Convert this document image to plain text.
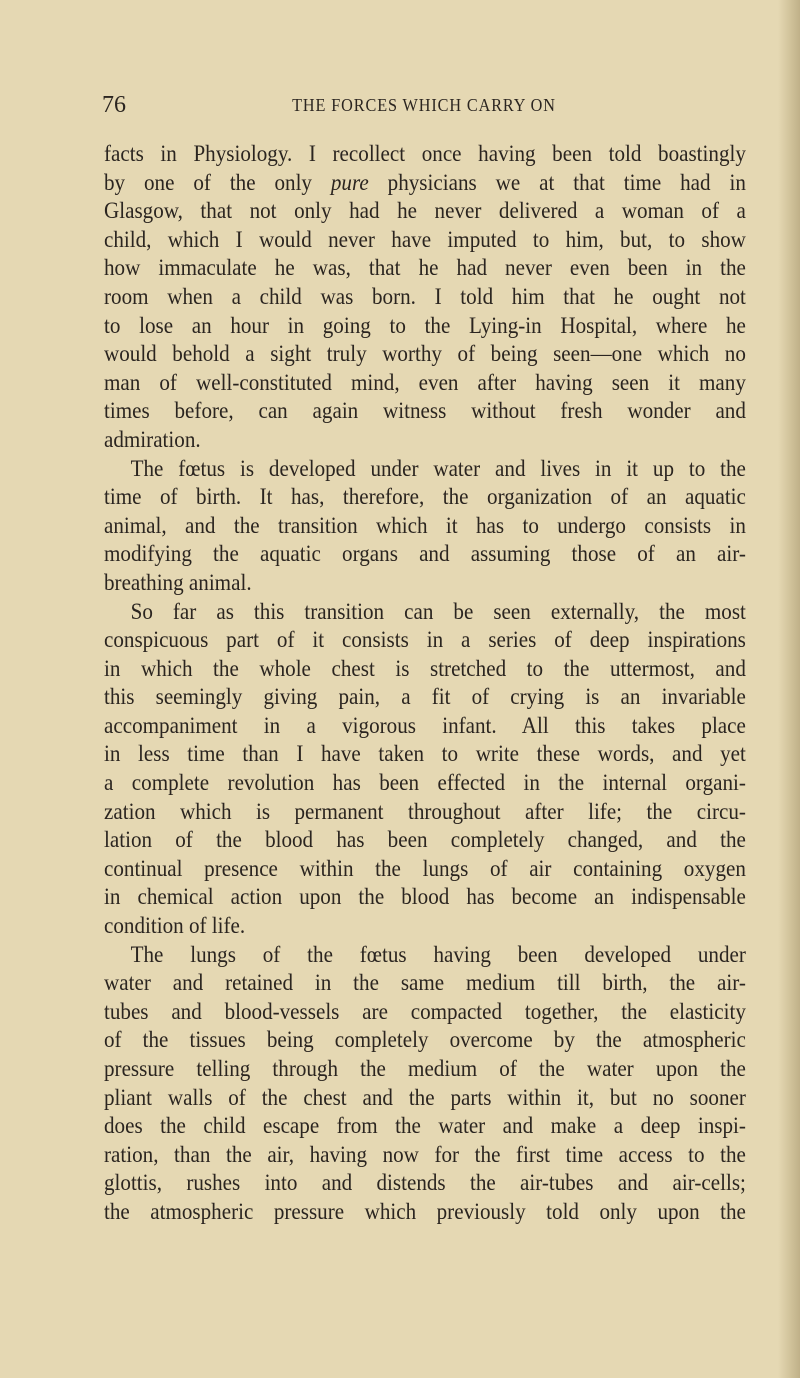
76	THE FORCES WHICH CARRY ON
facts in Physiology. I recollect once having been told boastingly
by one of the only pure physicians we at that time had in
Glasgow, that not only had he never delivered a woman of a
child, which I would never have imputed to him, but, to show
how immaculate he was, that he had never even been in the
room when a child was born. I told him that he ought not
to lose an hour in going to the Lying-in Hospital, where he
would behold a sight truly worthy of being seen—one which no
man of well-constituted mind, even after having seen it many
times before, can again witness without fresh wonder and
admiration.
The fœtus is developed under water and lives in it up to the
time of birth. It has, therefore, the organization of an aquatic
animal, and the transition which it has to undergo consists in
modifying the aquatic organs and assuming those of an air-
breathing animal.
So far as this transition can be seen externally, the most
conspicuous part of it consists in a series of deep inspirations
in which the whole chest is stretched to the uttermost, and
this seemingly giving pain, a fit of crying is an invariable
accompaniment in a vigorous infant. All this takes place
in less time than I have taken to write these words, and yet
a complete revolution has been effected in the internal organi-
zation which is permanent throughout after life; the circu-
lation of the blood has been completely changed, and the
continual presence within the lungs of air containing oxygen
in chemical action upon the blood has become an indispensable
condition of life.
The lungs of the fœtus having been developed under
water and retained in the same medium till birth, the air-
tubes and blood-vessels are compacted together, the elasticity
of the tissues being completely overcome by the atmospheric
pressure telling through the medium of the water upon the
pliant walls of the chest and the parts within it, but no sooner
does the child escape from the water and make a deep inspi-
ration, than the air, having now for the first time access to the
glottis, rushes into and distends the air-tubes and air-cells;
the atmospheric pressure which previously told only upon the
